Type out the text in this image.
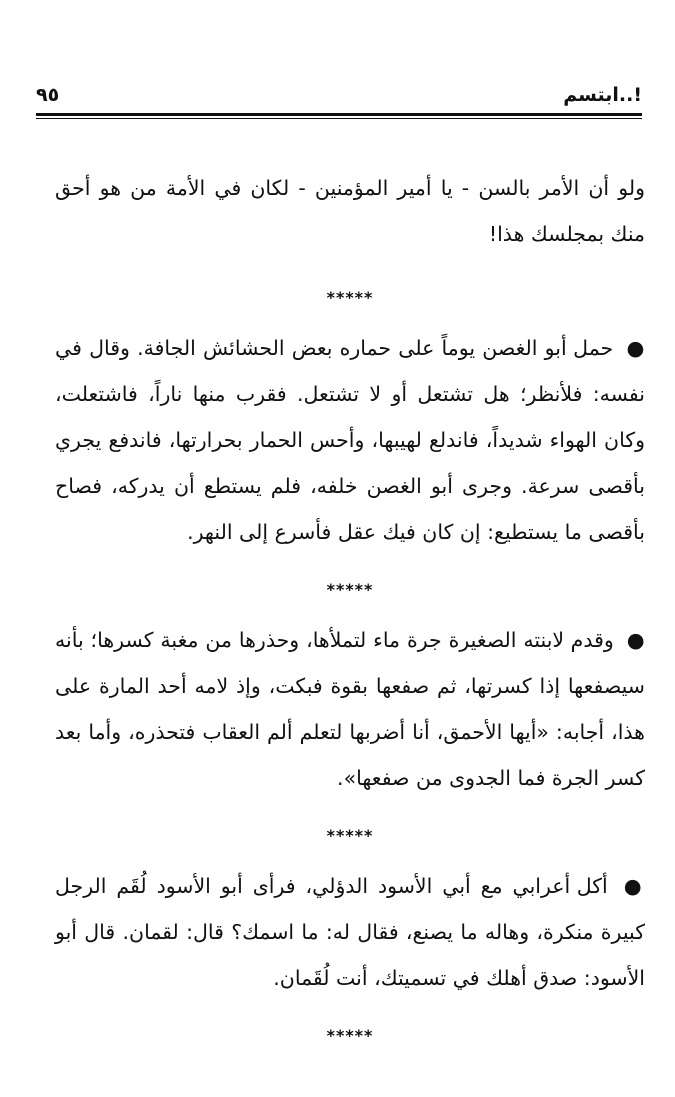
٩٥	ابتسم..!

ولو أن الأمر بالسن - يا أمير المؤمنين - لكان في الأمة من هو أحق منك بمجلسك هذا!

*****

● حمل أبو الغصن يوماً على حماره بعض الحشائش الجافة. وقال في نفسه: فلأنظر؛ هل تشتعل أو لا تشتعل. فقرب منها ناراً، فاشتعلت، وكان الهواء شديداً، فاندلع لهيبها، وأحس الحمار بحرارتها، فاندفع يجري بأقصى سرعة. وجرى أبو الغصن خلفه، فلم يستطع أن يدركه، فصاح بأقصى ما يستطيع: إن كان فيك عقل فأسرع إلى النهر.

*****

● وقدم لابنته الصغيرة جرة ماء لتملأها، وحذرها من مغبة كسرها؛ بأنه سيصفعها إذا كسرتها، ثم صفعها بقوة فبكت، وإذ لامه أحد المارة على هذا، أجابه: «أيها الأحمق، أنا أضربها لتعلم ألم العقاب فتحذره، وأما بعد كسر الجرة فما الجدوى من صفعها».

*****

● أكل أعرابي مع أبي الأسود الدؤلي، فرأى أبو الأسود لُقَم الرجل كبيرة منكرة، وهاله ما يصنع، فقال له: ما اسمك؟ قال: لقمان. قال أبو الأسود: صدق أهلك في تسميتك، أنت لُقَمان.

*****
